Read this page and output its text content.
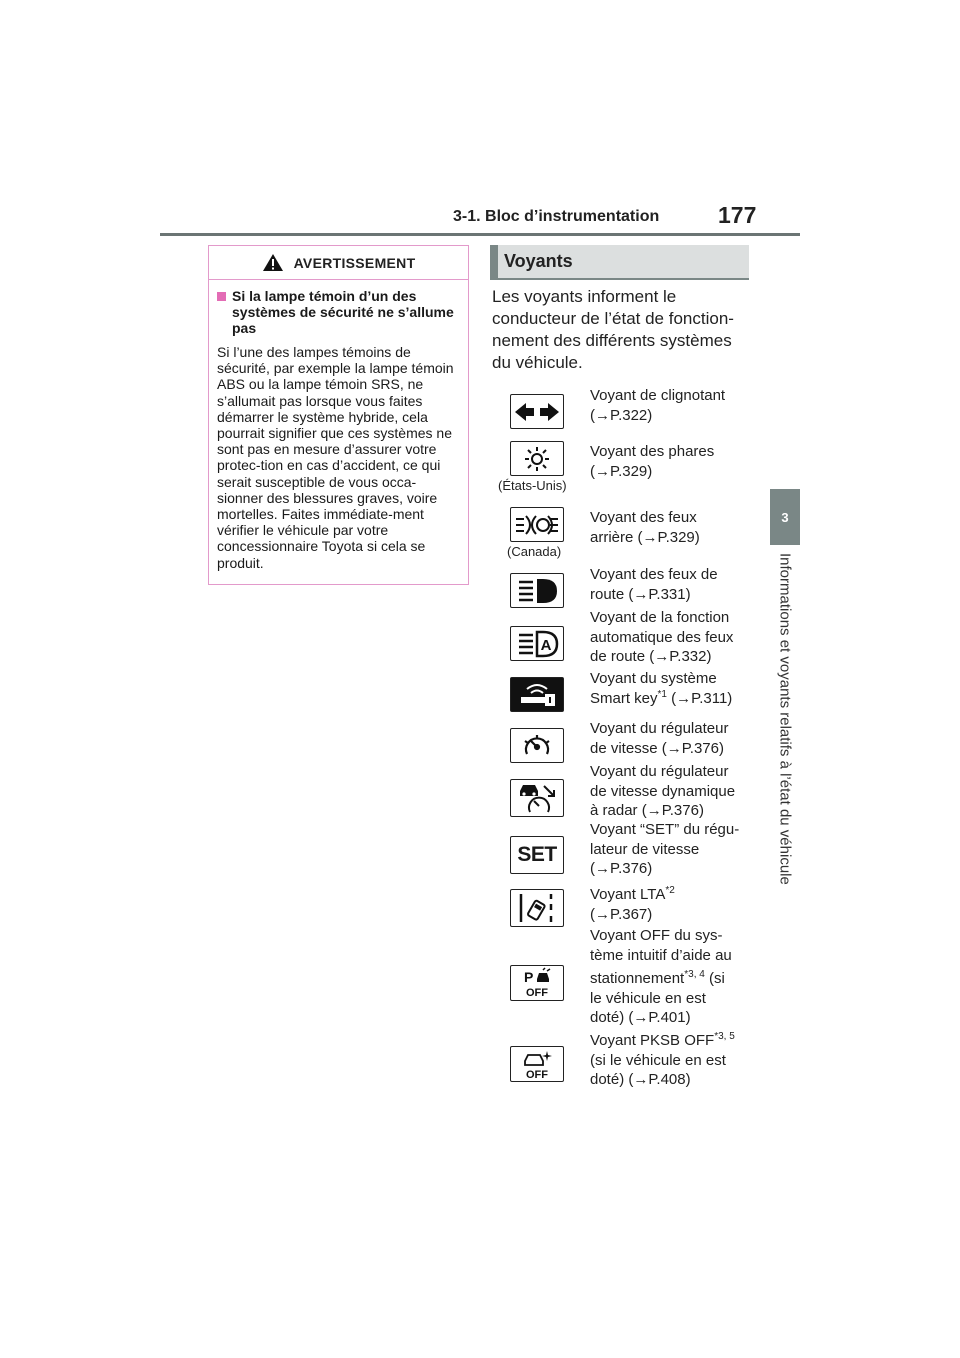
3-1. Bloc d’instrumentation	177
3
Informations et voyants relatifs à l’état du véhicule
AVERTISSEMENT
Si la lampe témoin d’un des systèmes de sécurité ne s’allume pas
Si l’une des lampes témoins de sécurité, par exemple la lampe témoin ABS ou la lampe témoin SRS, ne s’allumait pas lorsque vous faites démarrer le système hybride, cela pourrait signifier que ces systèmes ne sont pas en mesure d’assurer votre protec-tion en cas d’accident, ce qui serait susceptible de vous occa-sionner des blessures graves, voire mortelles. Faites immédiate-ment vérifier le véhicule par votre concessionnaire Toyota si cela se produit.
Voyants
Les voyants informent le conducteur de l’état de fonction-nement des différents systèmes du véhicule.
Voyant de clignotant
(→P.322)
(États-Unis)
Voyant des phares
(→P.329)
(Canada)
Voyant des feux
arrière (→P.329)
Voyant des feux de
route (→P.331)
A
Voyant de la fonction
automatique des feux
de route (→P.332)
Voyant du système
Smart key$^{*1}$ (→P.311)
Voyant du régulateur
de vitesse (→P.376)
Voyant du régulateur
de vitesse dynamique
à radar (→P.376)
SET
Voyant “SET” du régu-
lateur de vitesse
(→P.376)
Voyant LTA$^{*2}$
(→P.367)
P
OFF
Voyant OFF du sys-
tème intuitif d’aide au
stationnement$^{*3, 4}$ (si
le véhicule en est
doté) (→P.401)
OFF
Voyant PKSB OFF$^{*3, 5}$
(si le véhicule en est
doté) (→P.408)
